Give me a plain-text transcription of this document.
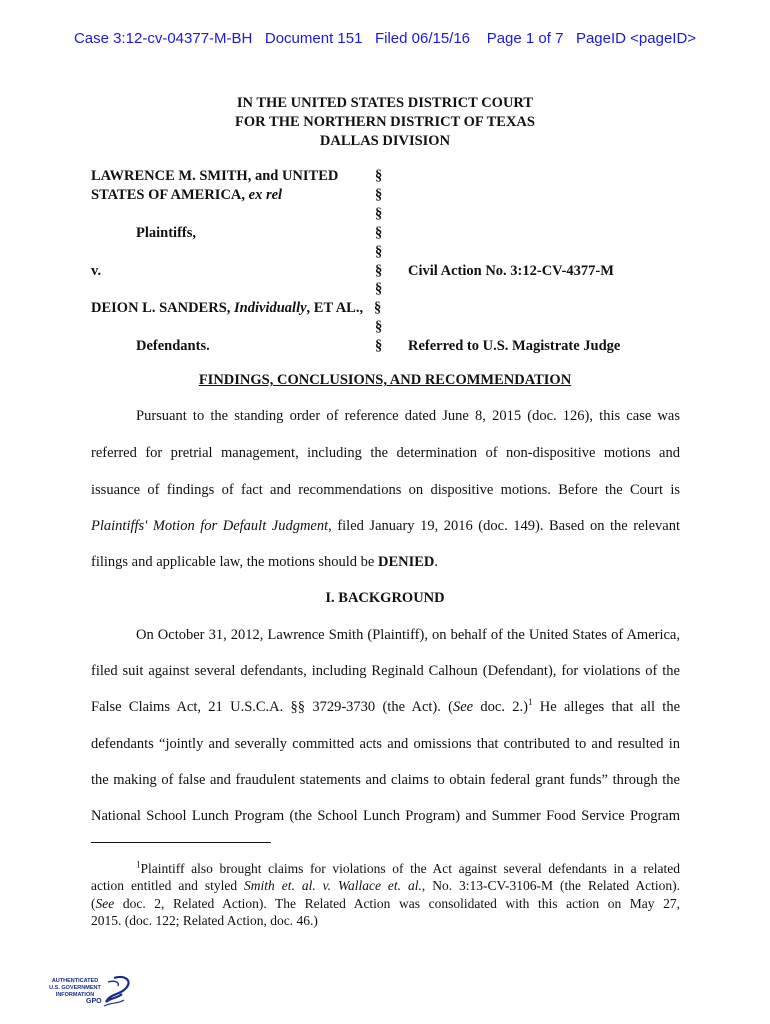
Case 3:12-cv-04377-M-BH Document 151 Filed 06/15/16 Page 1 of 7 PageID <pageID>
IN THE UNITED STATES DISTRICT COURT
FOR THE NORTHERN DISTRICT OF TEXAS
DALLAS DIVISION
LAWRENCE M. SMITH, and UNITED
STATES OF AMERICA, ex rel
Plaintiffs,
v.
DEION L. SANDERS, Individually, ET AL.,
Defendants.
§
§
§
§
§
§
§
§
§
§
Civil Action No. 3:12-CV-4377-M
Referred to U.S. Magistrate Judge
FINDINGS, CONCLUSIONS, AND RECOMMENDATION
Pursuant to the standing order of reference dated June 8, 2015 (doc. 126), this case was
referred for pretrial management, including the determination of non-dispositive motions and
issuance of findings of fact and recommendations on dispositive motions. Before the Court is
Plaintiffs' Motion for Default Judgment, filed January 19, 2016 (doc. 149). Based on the relevant
filings and applicable law, the motions should be DENIED.
I. BACKGROUND
On October 31, 2012, Lawrence Smith (Plaintiff), on behalf of the United States of America,
filed suit against several defendants, including Reginald Calhoun (Defendant), for violations of the
False Claims Act, 21 U.S.C.A. §§ 3729-3730 (the Act). (See doc. 2.)$^1$ He alleges that all the
defendants “jointly and severally committed acts and omissions that contributed to and resulted in
the making of false and fraudulent statements and claims to obtain federal grant funds” through the
National School Lunch Program (the School Lunch Program) and Summer Food Service Program
$^1$Plaintiff also brought claims for violations of the Act against several defendants in a related
action entitled and styled Smith et. al. v. Wallace et. al., No. 3:13-CV-3106-M (the Related Action).
(See doc. 2, Related Action). The Related Action was consolidated with this action on May 27,
2015. (doc. 122; Related Action, doc. 46.)
AUTHENTICATED
U.S. GOVERNMENT
INFORMATION
GPO
